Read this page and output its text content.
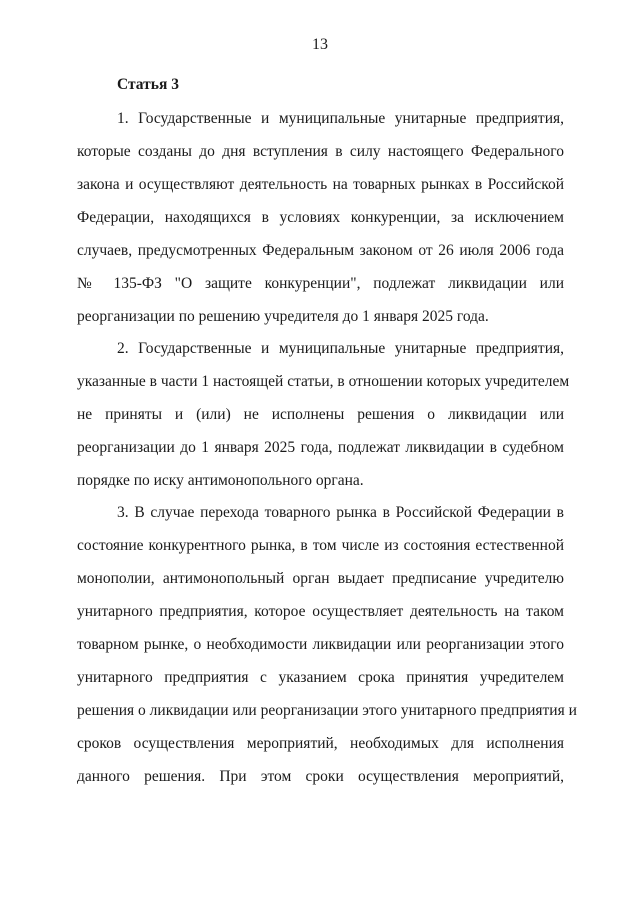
13
Статья 3
1. Государственные и муниципальные унитарные предприятия,
которые созданы до дня вступления в силу настоящего Федерального
закона и осуществляют деятельность на товарных рынках в Российской
Федерации, находящихся в условиях конкуренции, за исключением
случаев, предусмотренных Федеральным законом от 26 июля 2006 года
№ 135-ФЗ "О защите конкуренции", подлежат ликвидации или
реорганизации по решению учредителя до 1 января 2025 года.
2. Государственные и муниципальные унитарные предприятия,
указанные в части 1 настоящей статьи, в отношении которых учредителем
не приняты и (или) не исполнены решения о ликвидации или
реорганизации до 1 января 2025 года, подлежат ликвидации в судебном
порядке по иску антимонопольного органа.
3. В случае перехода товарного рынка в Российской Федерации в
состояние конкурентного рынка, в том числе из состояния естественной
монополии, антимонопольный орган выдает предписание учредителю
унитарного предприятия, которое осуществляет деятельность на таком
товарном рынке, о необходимости ликвидации или реорганизации этого
унитарного предприятия с указанием срока принятия учредителем
решения о ликвидации или реорганизации этого унитарного предприятия и
сроков осуществления мероприятий, необходимых для исполнения
данного решения. При этом сроки осуществления мероприятий,
